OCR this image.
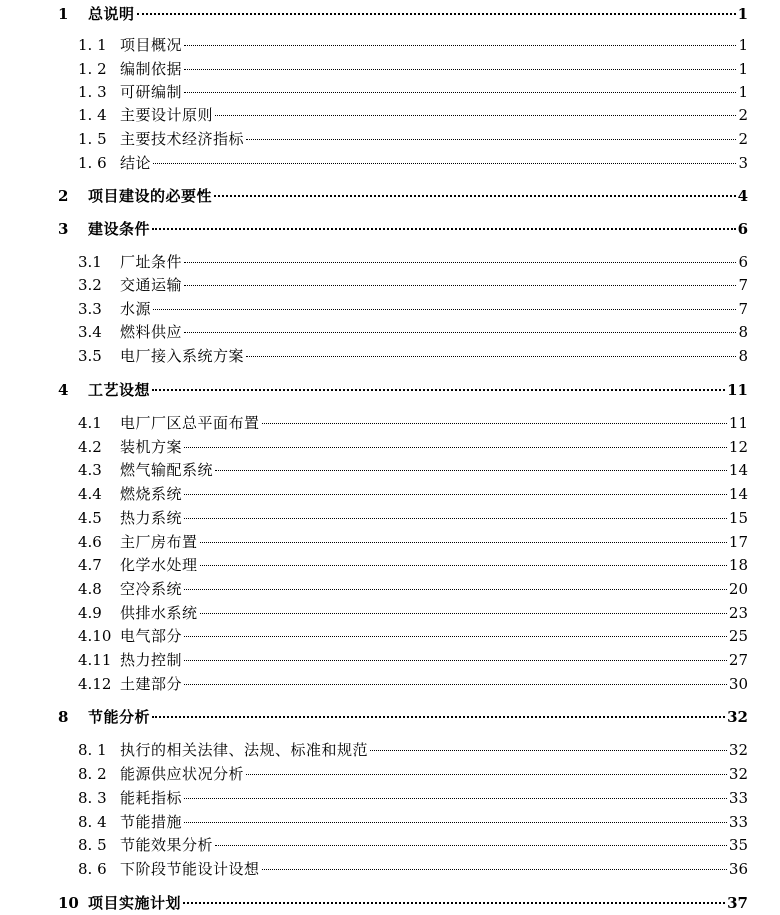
1	总说明	1
1. 1 项目概况	1
1. 2 编制依据	1
1. 3 可研编制	1
1. 4 主要设计原则	2
1. 5 主要技术经济指标	2
1. 6 结论	3
2	项目建设的必要性	4
3	建设条件	6
3.1	厂址条件	6
3.2	交通运输	7
3.3	水源	7
3.4	燃料供应	8
3.5	电厂接入系统方案	8
4	工艺设想	11
4.1	电厂厂区总平面布置	11
4.2	装机方案	12
4.3	燃气输配系统	14
4.4	燃烧系统	14
4.5	热力系统	15
4.6	主厂房布置	17
4.7	化学水处理	18
4.8	空冷系统	20
4.9	供排水系统	23
4.10 电气部分	25
4.11 热力控制	27
4.12 土建部分	30
8	节能分析	32
8. 1 执行的相关法律、法规、标准和规范	32
8. 2 能源供应状况分析	32
8. 3 能耗指标	33
8. 4 节能措施	33
8. 5 节能效果分析	35
8. 6 下阶段节能设计设想	36
10 项目实施计划	37
